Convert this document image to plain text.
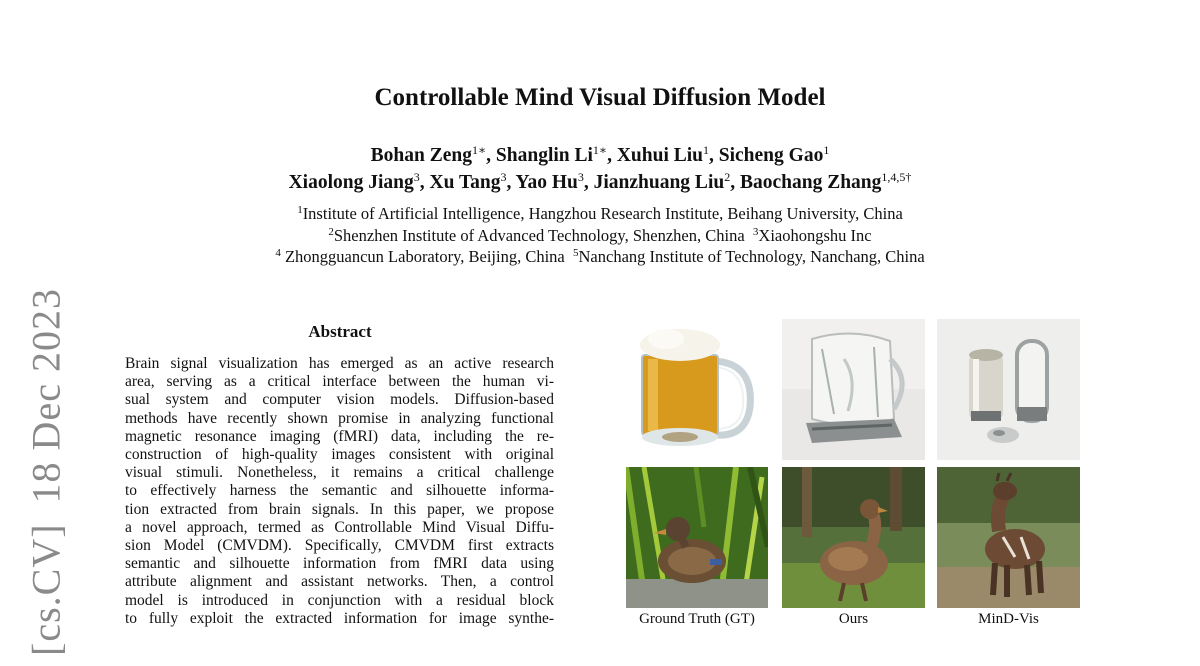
[cs.CV]18 Dec 2023
Controllable Mind Visual Diffusion Model
Bohan Zeng$^{1∗}$, Shanglin $Li^{1∗}$, Xuhui Liu$^1$, Sicheng Gao$^1$
Xiaolong Jiang$^3$, Xu Tang$^3$, Yao Hu$^3$, Jianzhuang Liu$^2$, Baochang Zhang$^{1,4,5\dagger}$
$^1$Institute of Artificial Intelligence, Hangzhou Research Institute, Beihang University, China
$^2$Shenzhen Institute of Advanced Technology, Shenzhen, China $^3$Xiaohongshu Inc
$^4$ Zhongguancun Laboratory, Beijing, China $^5$Nanchang Institute of Technology, Nanchang, China
Abstract
Brain signal visualization has emerged as an active research
area, serving as a critical interface between the human vi-
sual system and computer vision models. Diffusion-based
methods have recently shown promise in analyzing functional
magnetic resonance imaging (fMRI) data, including the re-
construction of high-quality images consistent with original
visual stimuli. Nonetheless, it remains a critical challenge
to effectively harness the semantic and silhouette informa-
tion extracted from brain signals. In this paper, we propose
a novel approach, termed as Controllable Mind Visual Diffu-
sion Model (CMVDM). Specifically, CMVDM first extracts
semantic and silhouette information from fMRI data using
attribute alignment and assistant networks. Then, a control
model is introduced in conjunction with a residual block
to fully exploit the extracted information for image synthe-	Ground Truth (GT)	Ours	MinD-Vis
